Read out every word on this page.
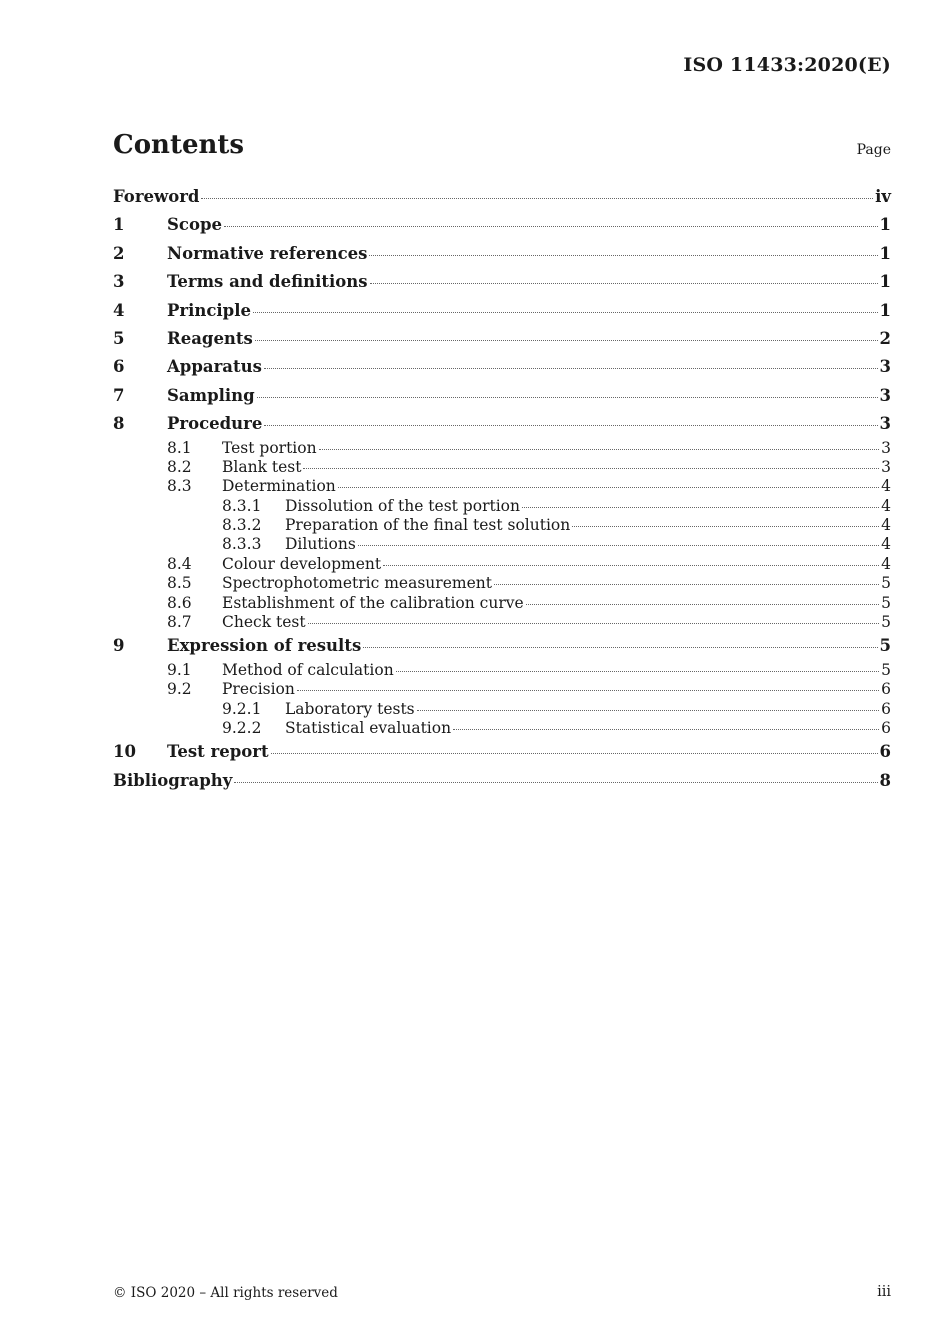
ISO 11433:2020(E)
Contents	Page
Foreword	iv
1	Scope	1
2	Normative references	1
3	Terms and definitions	1
4	Principle	1
5	Reagents	2
6	Apparatus	3
7	Sampling	3
8	Procedure	3
8.1	Test portion	3
8.2	Blank test	3
8.3	Determination	4
8.3.1	Dissolution of the test portion	4
8.3.2	Preparation of the final test solution	4
8.3.3	Dilutions	4
8.4	Colour development	4
8.5	Spectrophotometric measurement	5
8.6	Establishment of the calibration curve	5
8.7	Check test	5
9	Expression of results	5
9.1	Method of calculation	5
9.2	Precision	6
9.2.1	Laboratory tests	6
9.2.2	Statistical evaluation	6
10	Test report	6
Bibliography	8
© ISO 2020 – All rights reserved	iii
